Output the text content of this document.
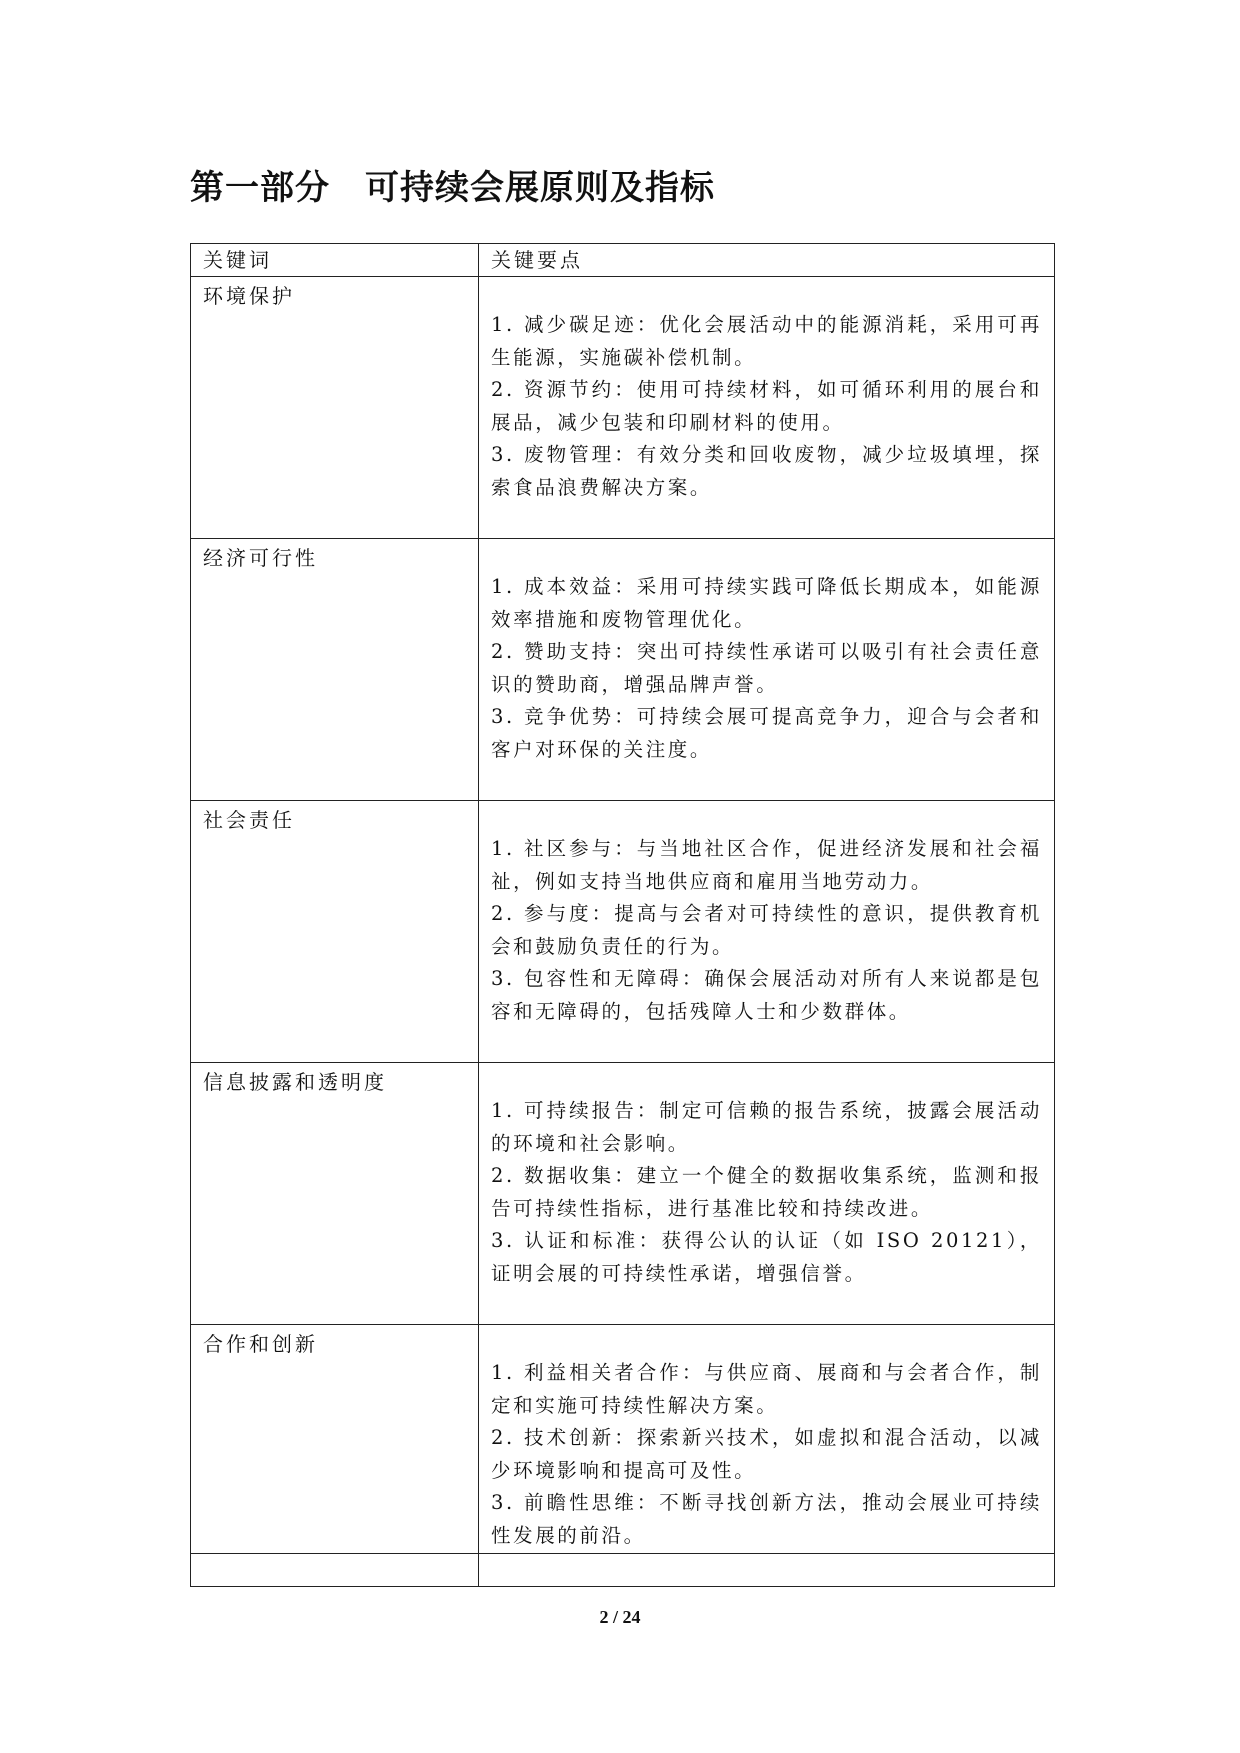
第一部分　可持续会展原则及指标
关键词	关键要点

环境保护	1. 减少碳足迹：优化会展活动中的能源消耗，采用可再生能源，实施碳补偿机制。
2. 资源节约：使用可持续材料，如可循环利用的展台和展品，减少包装和印刷材料的使用。
3. 废物管理：有效分类和回收废物，减少垃圾填埋，探索食品浪费解决方案。

经济可行性	1. 成本效益：采用可持续实践可降低长期成本，如能源效率措施和废物管理优化。
2. 赞助支持：突出可持续性承诺可以吸引有社会责任意识的赞助商，增强品牌声誉。
3. 竞争优势：可持续会展可提高竞争力，迎合与会者和客户对环保的关注度。

社会责任	1. 社区参与：与当地社区合作，促进经济发展和社会福祉，例如支持当地供应商和雇用当地劳动力。
2. 参与度：提高与会者对可持续性的意识，提供教育机会和鼓励负责任的行为。
3. 包容性和无障碍：确保会展活动对所有人来说都是包容和无障碍的，包括残障人士和少数群体。

信息披露和透明度	1. 可持续报告：制定可信赖的报告系统，披露会展活动的环境和社会影响。
2. 数据收集：建立一个健全的数据收集系统，监测和报告可持续性指标，进行基准比较和持续改进。
3. 认证和标准：获得公认的认证（如 ISO 20121），证明会展的可持续性承诺，增强信誉。

合作和创新	1. 利益相关者合作：与供应商、展商和与会者合作，制定和实施可持续性解决方案。
2. 技术创新：探索新兴技术，如虚拟和混合活动，以减少环境影响和提高可及性。
3. 前瞻性思维：不断寻找创新方法，推动会展业可持续性发展的前沿。

2 / 24
